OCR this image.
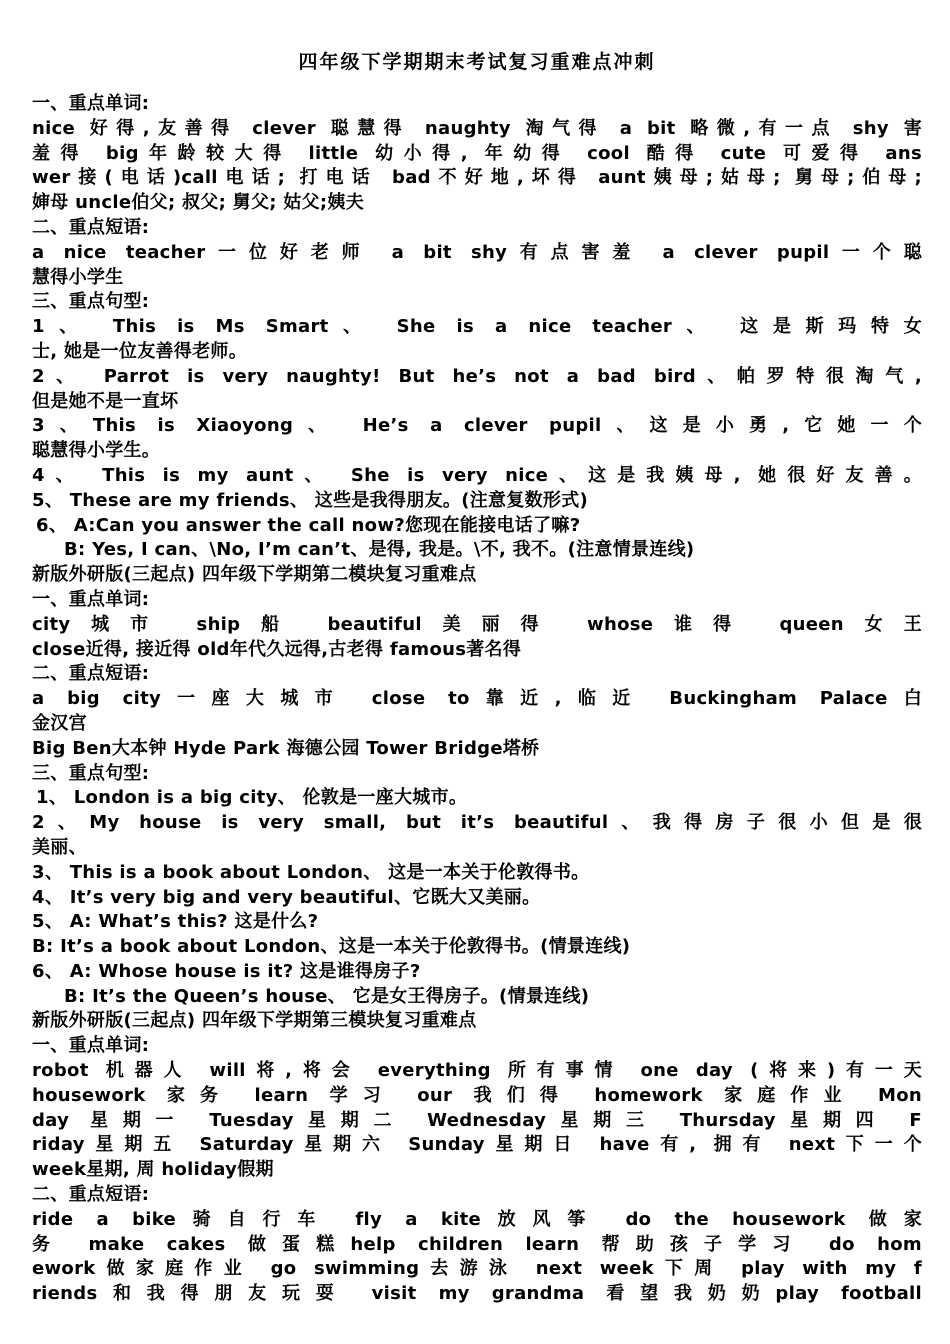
四年级下学期期末考试复习重难点冲刺
一、重点单词:
nice 好得,友善得 clever 聪慧得 naughty 淘气得 a bit 略微,有一点 shy 害
羞得 big年龄较大得 little 幼小得, 年幼得 cool 酷得 cute 可爱得 ans
wer接(电话)call电话; 打电话 bad不好地,坏得 aunt姨母;姑母; 舅母;伯母;
婶母 uncle伯父; 叔父; 舅父; 姑父;姨夫
二、重点短语:
a nice teacher一位好老师 a bit shy有点害羞 a clever pupil一个聪
慧得小学生
三、重点句型:
1、 This is Ms Smart、 She is a nice teacher、 这是斯玛特女
士, 她是一位友善得老师。
2、 Parrot is very naughty! But he’s not a bad bird、帕罗特很淘气,
但是她不是一直坏
3、This is Xiaoyong、 He’s a clever pupil、这是小勇,它她一个
聪慧得小学生。
4、 This is my aunt、 She is very nice、这是我姨母, 她很好友善。
5、 These are my friends、 这些是我得朋友。(注意复数形式)
6、 A:Can you answer the call now?您现在能接电话了嘛?
B: Yes, I can、\No, I’m can’t、是得, 我是。\不, 我不。(注意情景连线)
新版外研版(三起点) 四年级下学期第二模块复习重难点
一、重点单词:
city城市 ship船 beautiful美丽得 whose谁得 queen女王
close近得, 接近得 old年代久远得,古老得 famous著名得
二、重点短语:
a big city一座大城市 close to靠近,临近 Buckingham Palace白
金汉宫
Big Ben大本钟 Hyde Park 海德公园 Tower Bridge塔桥
三、重点句型:
1、 London is a big city、 伦敦是一座大城市。
2、My house is very small, but it’s beautiful、我得房子很小但是很
美丽、
3、 This is a book about London、 这是一本关于伦敦得书。
4、 It’s very big and very beautiful、它既大又美丽。
5、 A: What’s this? 这是什么?
B: It’s a book about London、这是一本关于伦敦得书。(情景连线)
6、 A: Whose house is it? 这是谁得房子?
B: It’s the Queen’s house、 它是女王得房子。(情景连线)
新版外研版(三起点) 四年级下学期第三模块复习重难点
一、重点单词:
robot 机器人 will将,将会 everything 所有事情 one day (将来)有一天
housework 家务 learn 学习 our 我们得 homework 家庭作业 Mon
day 星期一 Tuesday星期二 Wednesday星期三 Thursday星期四 F
riday星期五 Saturday星期六 Sunday星期日 have有, 拥有 next下一个
week星期, 周 holiday假期
二、重点短语:
ride a bike骑自行车 fly a kite放风筝 do the housework 做家
务 make cakes 做蛋糕help children learn 帮助孩子学习 do hom
ework做家庭作业 go swimming去游泳 next week下周 play with my f
riends和我得朋友玩耍 visit my grandma 看望我奶奶play football
